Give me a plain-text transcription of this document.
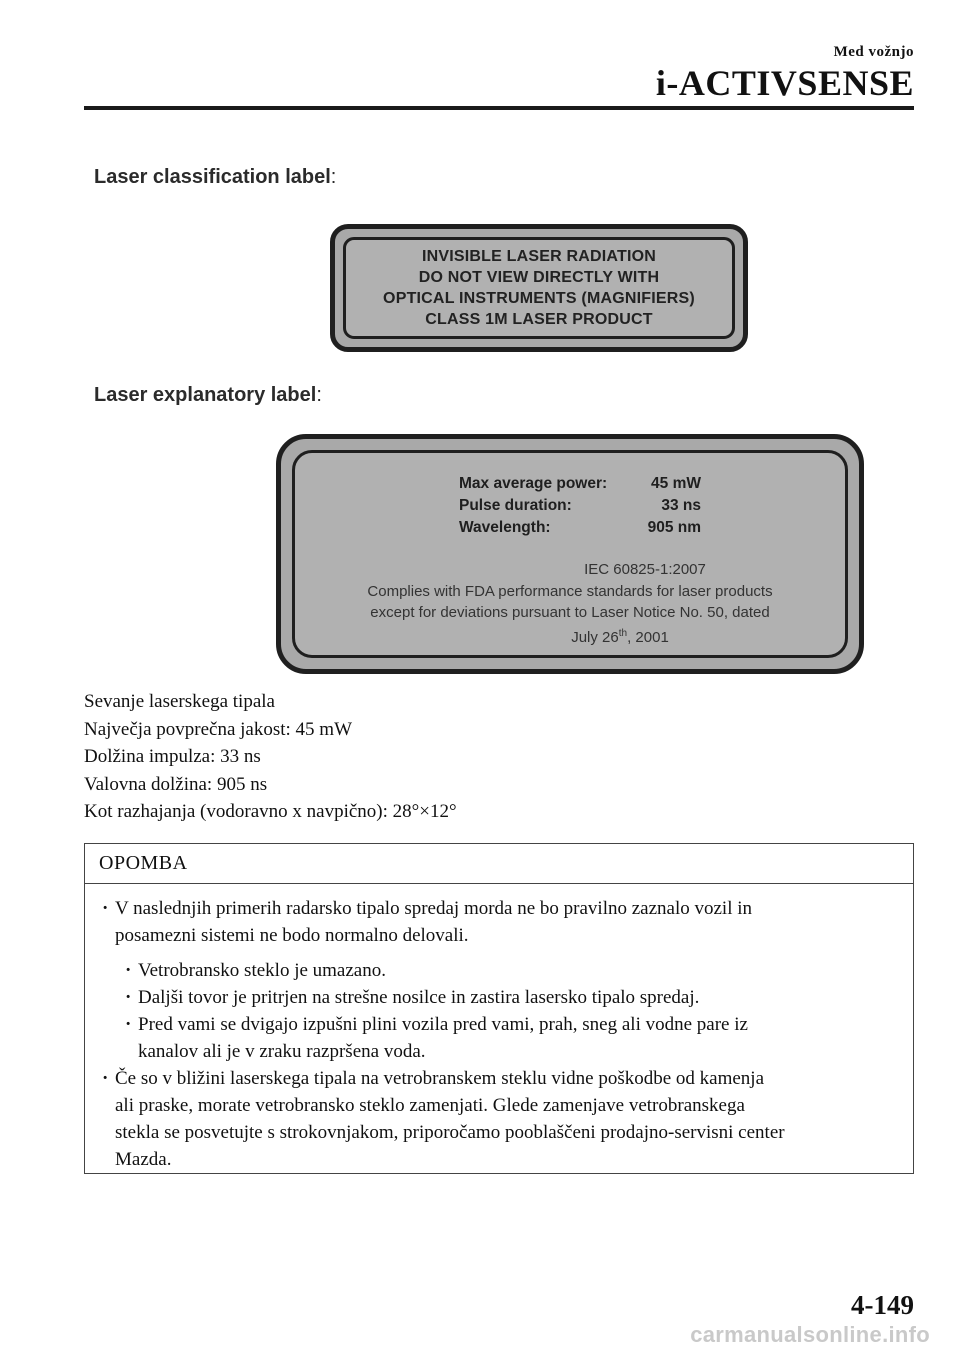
Med vožnjo
i-ACTIVSENSE
Laser classification label:
INVISIBLE LASER RADIATION
DO NOT VIEW DIRECTLY WITH
OPTICAL INSTRUMENTS (MAGNIFIERS)
CLASS 1M LASER PRODUCT
Laser explanatory label:
Max average power:	45 mW
Pulse duration:	33 ns
Wavelength:	905 nm
IEC 60825-1:2007
Complies with FDA performance standards for laser products
except for deviations pursuant to Laser Notice No. 50, dated
July 26th, 2001
Sevanje laserskega tipala
Največja povprečna jakost: 45 mW
Dolžina impulza: 33 ns
Valovna dolžina: 905 ns
Kot razhajanja (vodoravno x navpično): 28°×12°
OPOMBA
· V naslednjih primerih radarsko tipalo spredaj morda ne bo pravilno zaznalo vozil in
posamezni sistemi ne bodo normalno delovali.
· Vetrobransko steklo je umazano.
· Daljši tovor je pritrjen na strešne nosilce in zastira lasersko tipalo spredaj.
· Pred vami se dvigajo izpušni plini vozila pred vami, prah, sneg ali vodne pare iz
kanalov ali je v zraku razpršena voda.
· Če so v bližini laserskega tipala na vetrobranskem steklu vidne poškodbe od kamenja
ali praske, morate vetrobransko steklo zamenjati. Glede zamenjave vetrobranskega
stekla se posvetujte s strokovnjakom, priporočamo pooblaščeni prodajno-servisni center
Mazda.
4-149
carmanualsonline.info
